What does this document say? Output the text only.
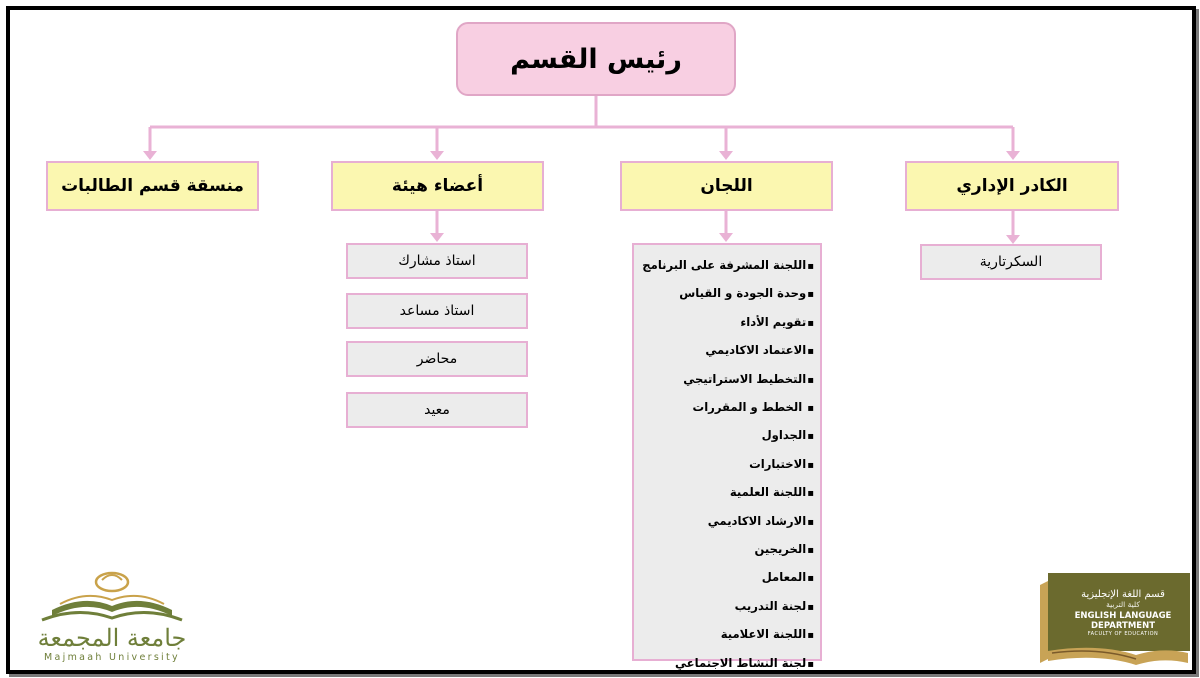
رئيس القسم
الكادر الإداري
اللجان
أعضاء هيئة
منسقة قسم الطالبات
السكرتارية
استاذ مشارك
استاذ مساعد
محاضر
معيد
▪ اللجنة المشرفة على البرنامج
▪ وحدة الجودة و القياس
▪ تقويم الأداء
▪ الاعتماد الاكاديمي
▪ التخطيط الاستراتيجي
▪ الخطط و المقررات
▪ الجداول
▪ الاختبارات
▪ اللجنة العلمية
▪ الارشاد الاكاديمي
▪ الخريجين
▪ المعامل
▪ لجنة التدريب
▪ اللجنة الاعلامية
▪ لجنة النشاط الاجتماعي
جامعة المجمعة
Majmaah University
قسم اللغة الإنجليزية
كلية التربية
ENGLISH LANGUAGE
DEPARTMENT
FACULTY OF EDUCATION
